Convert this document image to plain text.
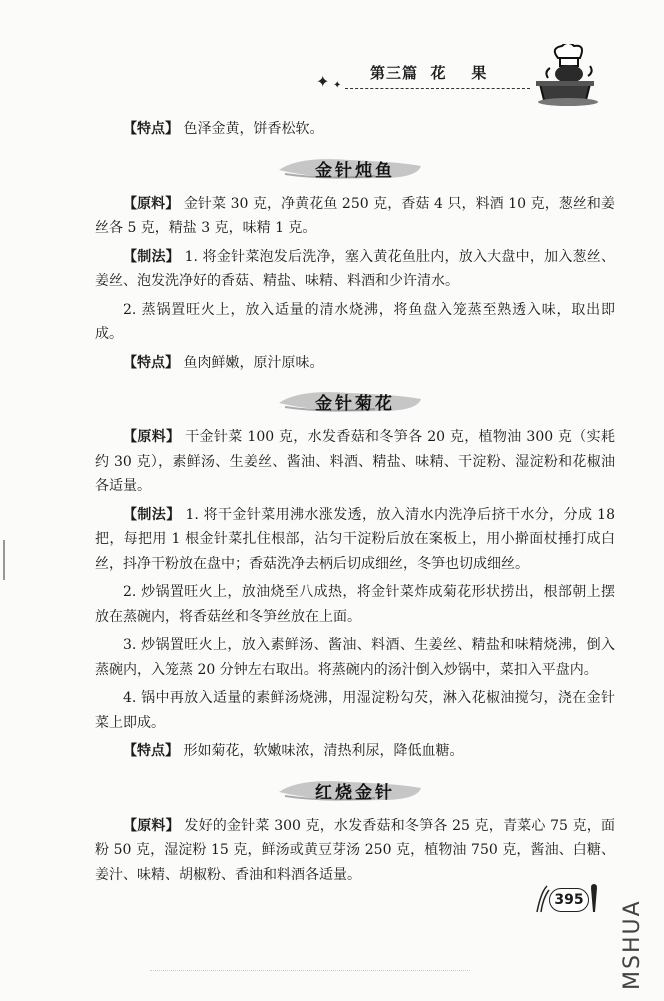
✦ ✦
第三篇  花    果

【特点】 色泽金黄，饼香松软。

金针炖鱼

【原料】 金针菜 30 克，净黄花鱼 250 克，香菇 4 只，料酒 10 克，葱丝和姜丝各 5 克，精盐 3 克，味精 1 克。

【制法】 1. 将金针菜泡发后洗净，塞入黄花鱼肚内，放入大盘中，加入葱丝、姜丝、泡发洗净好的香菇、精盐、味精、料酒和少许清水。

2. 蒸锅置旺火上，放入适量的清水烧沸，将鱼盘入笼蒸至熟透入味，取出即成。

【特点】 鱼肉鲜嫩，原汁原味。

金针菊花

【原料】 干金针菜 100 克，水发香菇和冬笋各 20 克，植物油 300 克（实耗约 30 克），素鲜汤、生姜丝、酱油、料酒、精盐、味精、干淀粉、湿淀粉和花椒油各适量。

【制法】 1. 将干金针菜用沸水涨发透，放入清水内洗净后挤干水分，分成 18 把，每把用 1 根金针菜扎住根部，沾匀干淀粉后放在案板上，用小擀面杖捶打成白丝，抖净干粉放在盘中；香菇洗净去柄后切成细丝，冬笋也切成细丝。

2. 炒锅置旺火上，放油烧至八成热，将金针菜炸成菊花形状捞出，根部朝上摆放在蒸碗内，将香菇丝和冬笋丝放在上面。

3. 炒锅置旺火上，放入素鲜汤、酱油、料酒、生姜丝、精盐和味精烧沸，倒入蒸碗内，入笼蒸 20 分钟左右取出。将蒸碗内的汤汁倒入炒锅中，菜扣入平盘内。

4. 锅中再放入适量的素鲜汤烧沸，用湿淀粉勾芡，淋入花椒油搅匀，浇在金针菜上即成。

【特点】 形如菊花，软嫩味浓，清热利尿，降低血糖。

红烧金针

【原料】 发好的金针菜 300 克，水发香菇和冬笋各 25 克，青菜心 75 克，面粉 50 克，湿淀粉 15 克，鲜汤或黄豆芽汤 250 克，植物油 750 克，酱油、白糖、姜汁、味精、胡椒粉、香油和料酒各适量。

395 MSHUA
